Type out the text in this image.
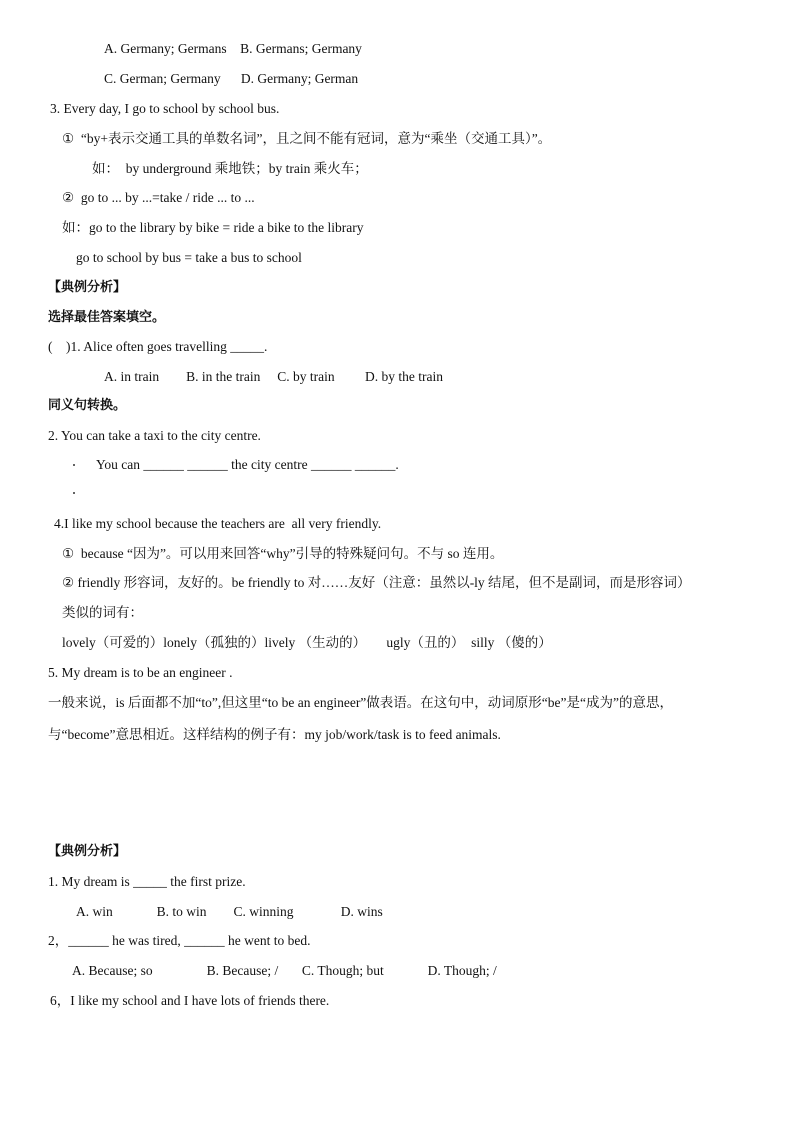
A. Germany; Germans    B. Germans; Germany
C. German; Germany      D. Germany; German
3. Every day, I go to school by school bus.
①  “by+表示交通工具的单数名词”，且之间不能有冠词，意为“乘坐（交通工具）”。
如：  by underground 乘地铁；by train 乘火车；
②  go to ... by ...=take / ride ... to ...
如：go to the library by bike = ride a bike to the library
go to school by bus = take a bus to school
【典例分析】
选择最佳答案填空。
(    )1. Alice often goes travelling _____.
A. in train        B. in the train     C. by train         D. by the train
同义句转换。
2. You can take a taxi to the city centre.
You can ______ ______ the city centre ______ ______.
4.I like my school because the teachers are  all very friendly.
①  because “因为”。可以用来回答“why”引导的特殊疑问句。不与 so 连用。
② friendly 形容词，友好的。be friendly to 对……友好（注意：虽然以-ly 结尾，但不是副词，而是形容词）
类似的词有：
lovely（可爱的）lonely（孤独的）lively （生动的）      ugly（丑的）  silly （傻的）
5. My dream is to be an engineer .
一般来说，is 后面都不加“to”,但这里“to be an engineer”做表语。在这句中，动词原形“be”是“成为”的意思，
与“become”意思相近。这样结构的例子有：my job/work/task is to feed animals.
【典例分析】
1. My dream is _____ the first prize.
A. win             B. to win        C. winning              D. wins
2，______ he was tired, ______ he went to bed.
A. Because; so                B. Because; /       C. Though; but             D. Though; /
6，I like my school and I have lots of friends there.
